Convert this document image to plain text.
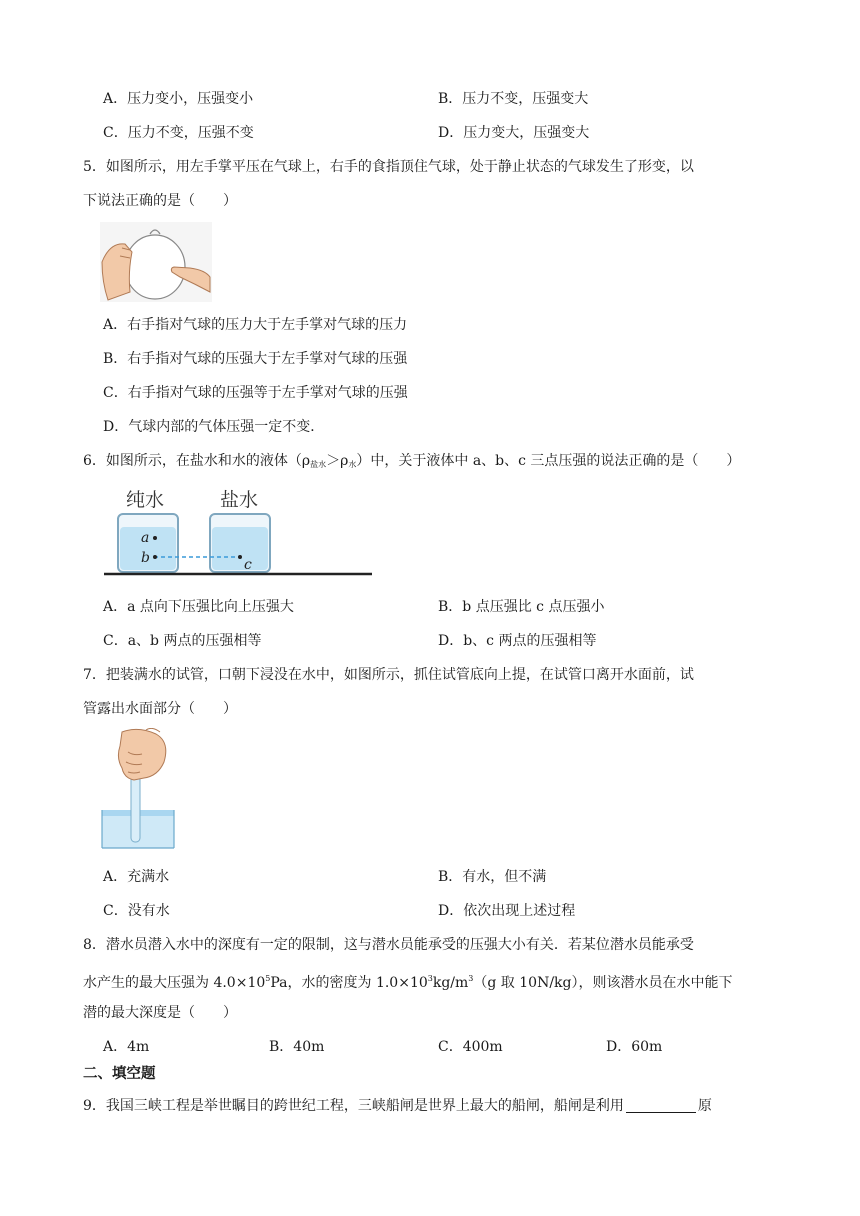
A．压力变小，压强变小	B．压力不变，压强变大
C．压力不变，压强不变	D．压力变大，压强变大
5．如图所示，用左手掌平压在气球上，右手的食指顶住气球，处于静止状态的气球发生了形变，以
下说法正确的是（　　）
A．右手指对气球的压力大于左手掌对气球的压力
B．右手指对气球的压强大于左手掌对气球的压强
C．右手指对气球的压强等于左手掌对气球的压强
D．气球内部的气体压强一定不变．
6．如图所示，在盐水和水的液体$(\rho_{盐水}>\rho_水)$中，关于液体中 a、b、c 三点压强的说法正确的是（　　）
纯水	盐水
a
b	c
A．a 点向下压强比向上压强大	B．b 点压强比 c 点压强小
C．a、b 两点的压强相等	D．b、c 两点的压强相等
7．把装满水的试管，口朝下浸没在水中，如图所示，抓住试管底向上提，在试管口离开水面前，试
管露出水面部分（　　）
A．充满水	B．有水，但不满
C．没有水	D．依次出现上述过程
8．潜水员潜入水中的深度有一定的限制，这与潜水员能承受的压强大小有关．若某位潜水员能承受
水产生的最大压强为 $4.0\times 10^5Pa$，水的密度为 $1.0\times 10^3kg/m^3(g$ 取 10N/kg），则该潜水员在水中能下
潜的最大深度是（　　）
A．4m	B．40m	C．400m	D．60m
二、填空题
9．我国三峡工程是举世瞩目的跨世纪工程，三峡船闸是世界上最大的船闸，船闸是利用	原
